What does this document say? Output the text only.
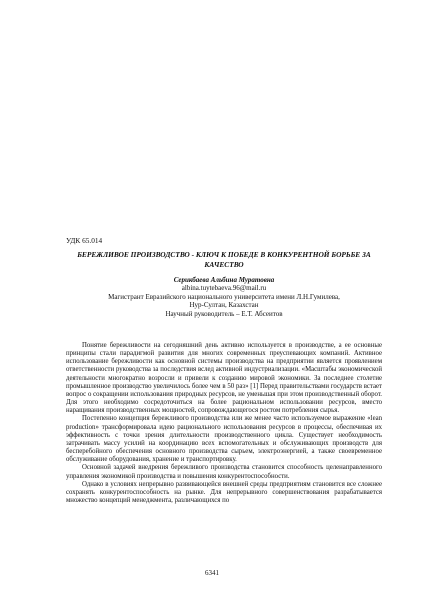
УДК 65.014
БЕРЕЖЛИВОЕ ПРОИЗВОДСТВО - КЛЮЧ К ПОБЕДЕ В КОНКУРЕНТНОЙ БОРЬБЕ ЗА КАЧЕСТВО
Серикбаева Альбина Муратовна
albina.tuytebaeva.96@mail.ru
Магистрант Евразийского национального университета имени Л.Н.Гумилева,
Нур-Султан, Казахстан
Научный руководитель – Е.Т. Абсеитов

Понятие бережливости на сегодняшний день активно используется в производстве, а ее основные принципы стали парадигмой развития для многих современных преуспевающих компаний. Активное использование бережливости как основной системы производства на предприятии является проявлением ответственности руководства за последствия вслед активной индустриализации. «Масштабы экономической деятельности многократно возросли и привели к созданию мировой экономики. За последнее столетие промышленное производство увеличилось более чем в 50 раз» [1] Перед правительствами государств встает вопрос о сокращении использования природных ресурсов, не уменьшая при этом производственный оборот. Для этого необходимо сосредоточиться на более рациональном использовании ресурсов, вместо наращивания производственных мощностей, сопровождающегося ростом потребления сырья.

Постепенно концепция бережливого производства или же менее часто используемое выражение «lean production» трансформировала идею рационального использования ресурсов в процессы, обеспечивая их эффективность с точки зрения длительности производственного цикла. Существует необходимость затрачивать массу усилий на координацию всех вспомогательных и обслуживающих производств для бесперебойного обеспечения основного производства сырьем, электроэнергией, а также своевременное обслуживание оборудования, хранение и транспортировку.

Основной задачей внедрения бережливого производства становится способность целенаправленного управления экономикой производства и повышения конкурентоспособности.

Однако в условиях непрерывно развивающейся внешней среды предприятиям становится все сложнее сохранять конкурентоспособность на рынке. Для непрерывного совершенствования разрабатывается множество концепций менеджмента, различающихся по

6341
